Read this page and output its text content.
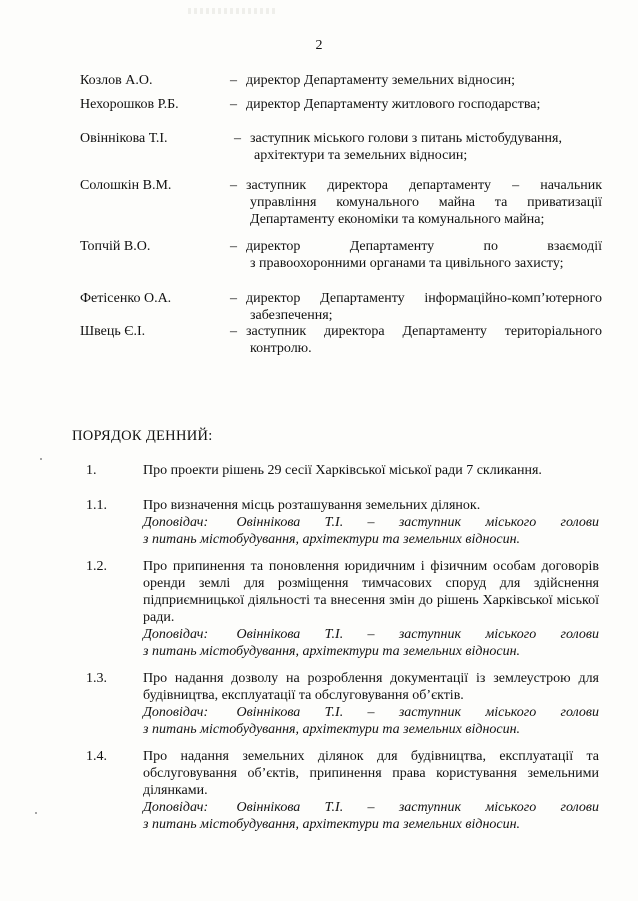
2
Козлов А.О.	– директор Департаменту земельних відносин;
Нехорошков Р.Б.	– директор Департаменту житлового господарства;
Овіннікова Т.І.	– заступник міського голови з питань містобудування,
архітектури та земельних відносин;
Солошкін В.М.	– заступник директора департаменту – начальник
управління комунального майна та приватизації
Департаменту економіки та комунального майна;
Топчій В.О.	– директор Департаменту по взаємодії
з правоохоронними органами та цивільного захисту;
Фетісенко О.А.	– директор Департаменту інформаційно-комп’ютерного
забезпечення;
Швець Є.І.	– заступник директора Департаменту територіального
контролю.
ПОРЯДОК ДЕННИЙ:
1.	Про проекти рішень 29 сесії Харківської міської ради 7 скликання.
1.1.	Про визначення місць розташування земельних ділянок.
Доповідач: Овіннікова Т.І. – заступник міського голови
з питань містобудування, архітектури та земельних відносин.
1.2.	Про припинення та поновлення юридичним і фізичним особам договорів оренди землі для розміщення тимчасових споруд для здійснення підприємницької діяльності та внесення змін до рішень Харківської міської ради.
Доповідач: Овіннікова Т.І. – заступник міського голови
з питань містобудування, архітектури та земельних відносин.
1.3.	Про надання дозволу на розроблення документації із землеустрою для будівництва, експлуатації та обслуговування об’єктів.
Доповідач: Овіннікова Т.І. – заступник міського голови
з питань містобудування, архітектури та земельних відносин.
1.4.	Про надання земельних ділянок для будівництва, експлуатації та обслуговування об’єктів, припинення права користування земельними ділянками.
Доповідач: Овіннікова Т.І. – заступник міського голови
з питань містобудування, архітектури та земельних відносин.
